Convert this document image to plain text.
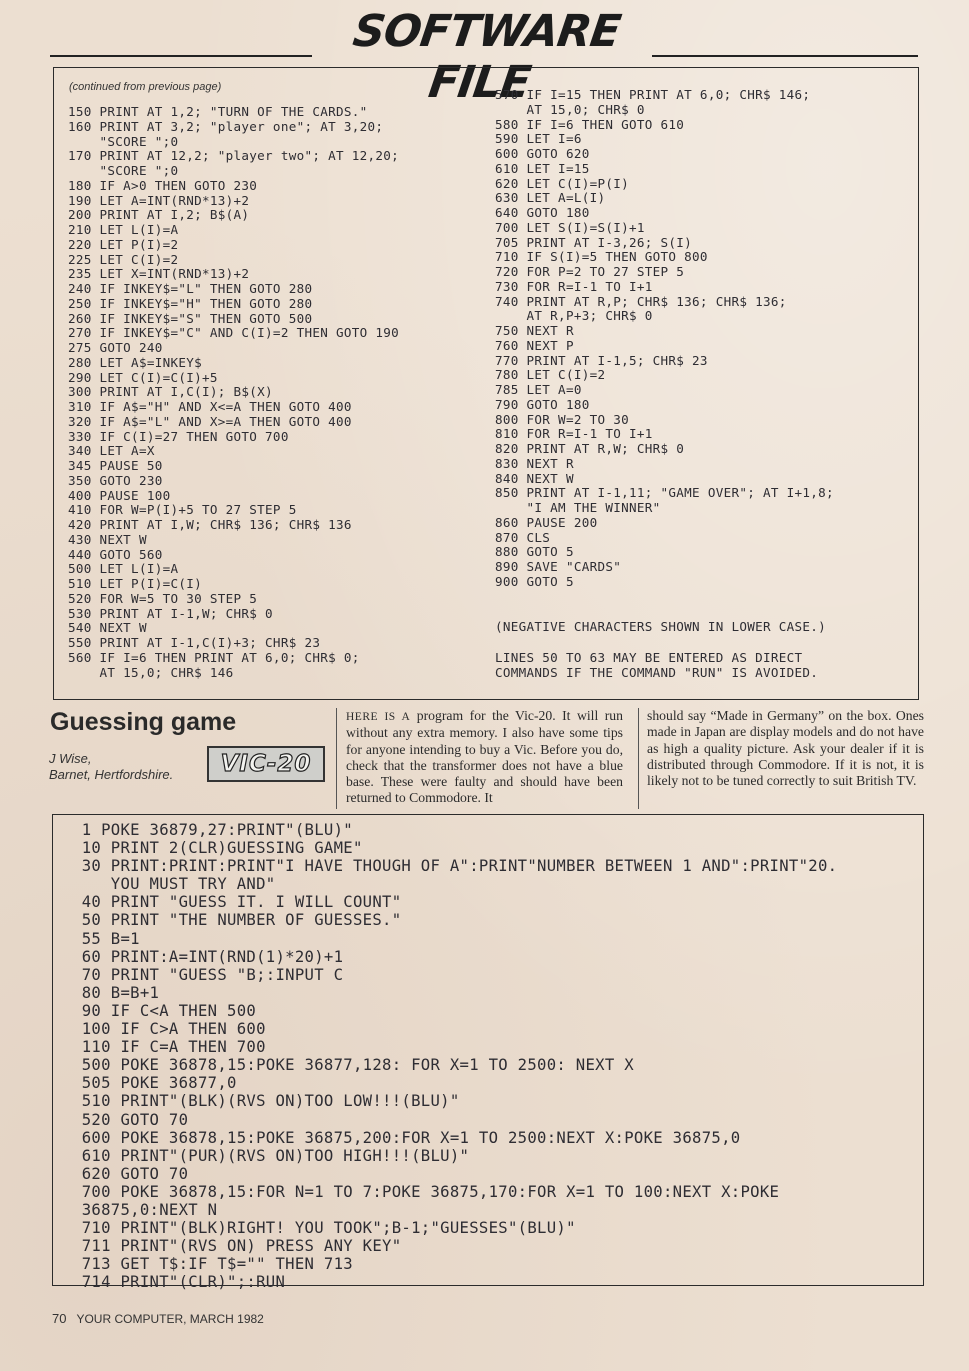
SOFTWARE FILE
(continued from previous page)
150 PRINT AT 1,2; "TURN OF THE CARDS."
160 PRINT AT 3,2; "player one"; AT 3,20;
"SCORE ";0
170 PRINT AT 12,2; "player two"; AT 12,20;
"SCORE ";0
180 IF A>0 THEN GOTO 230
190 LET A=INT(RND*13)+2
200 PRINT AT I,2; B$(A)
210 LET L(I)=A
220 LET P(I)=2
225 LET C(I)=2
235 LET X=INT(RND*13)+2
240 IF INKEY$="L" THEN GOTO 280
250 IF INKEY$="H" THEN GOTO 280
260 IF INKEY$="S" THEN GOTO 500
270 IF INKEY$="C" AND C(I)=2 THEN GOTO 190
275 GOTO 240
280 LET A$=INKEY$
290 LET C(I)=C(I)+5
300 PRINT AT I,C(I); B$(X)
310 IF A$="H" AND X<=A THEN GOTO 400
320 IF A$="L" AND X>=A THEN GOTO 400
330 IF C(I)=27 THEN GOTO 700
340 LET A=X
345 PAUSE 50
350 GOTO 230
400 PAUSE 100
410 FOR W=P(I)+5 TO 27 STEP 5
420 PRINT AT I,W; CHR$ 136; CHR$ 136
430 NEXT W
440 GOTO 560
500 LET L(I)=A
510 LET P(I)=C(I)
520 FOR W=5 TO 30 STEP 5
530 PRINT AT I-1,W; CHR$ 0
540 NEXT W
550 PRINT AT I-1,C(I)+3; CHR$ 23
560 IF I=6 THEN PRINT AT 6,0; CHR$ 0;
AT 15,0; CHR$ 146
570 IF I=15 THEN PRINT AT 6,0; CHR$ 146;
AT 15,0; CHR$ 0
580 IF I=6 THEN GOTO 610
590 LET I=6
600 GOTO 620
610 LET I=15
620 LET C(I)=P(I)
630 LET A=L(I)
640 GOTO 180
700 LET S(I)=S(I)+1
705 PRINT AT I-3,26; S(I)
710 IF S(I)=5 THEN GOTO 800
720 FOR P=2 TO 27 STEP 5
730 FOR R=I-1 TO I+1
740 PRINT AT R,P; CHR$ 136; CHR$ 136;
AT R,P+3; CHR$ 0
750 NEXT R
760 NEXT P
770 PRINT AT I-1,5; CHR$ 23
780 LET C(I)=2
785 LET A=0
790 GOTO 180
800 FOR W=2 TO 30
810 FOR R=I-1 TO I+1
820 PRINT AT R,W; CHR$ 0
830 NEXT R
840 NEXT W
850 PRINT AT I-1,11; "GAME OVER"; AT I+1,8;
"I AM THE WINNER"
860 PAUSE 200
870 CLS
880 GOTO 5
890 SAVE "CARDS"
900 GOTO 5
(NEGATIVE CHARACTERS SHOWN IN LOWER CASE.)
LINES 50 TO 63 MAY BE ENTERED AS DIRECT
COMMANDS IF THE COMMAND "RUN" IS AVOIDED.
Guessing game

J Wise,

Barnet, Hertfordshire. VIC-20

HERE IS A program for the Vic-20. It will run without any extra memory. I also have some tips for anyone intending to buy a Vic. Before you do, check that the transformer does not have a blue base. These were faulty and should have been returned to Commodore. It

should say “Made in Germany” on the box. Ones made in Japan are display models and do not have as high a quality picture. Ask your dealer if it is distributed through Commodore. If it is not, it is likely not to be tuned correctly to suit British TV.

1 POKE 36879,27:PRINT"(BLU)"
10 PRINT 2(CLR)GUESSING GAME"
30 PRINT:PRINT:PRINT"I HAVE THOUGH OF A":PRINT"NUMBER BETWEEN 1 AND":PRINT"20.
YOU MUST TRY AND"
40 PRINT "GUESS IT. I WILL COUNT"
50 PRINT "THE NUMBER OF GUESSES."
55 B=1
60 PRINT:A=INT(RND(1)*20)+1
70 PRINT "GUESS "B;:INPUT C
80 B=B+1
90 IF C<A THEN 500
100 IF C>A THEN 600
110 IF C=A THEN 700
500 POKE 36878,15:POKE 36877,128: FOR X=1 TO 2500: NEXT X
505 POKE 36877,0
510 PRINT"(BLK)(RVS ON)TOO LOW!!!(BLU)"
520 GOTO 70
600 POKE 36878,15:POKE 36875,200:FOR X=1 TO 2500:NEXT X:POKE 36875,0
610 PRINT"(PUR)(RVS ON)TOO HIGH!!!(BLU)"
620 GOTO 70
700 POKE 36878,15:FOR N=1 TO 7:POKE 36875,170:FOR X=1 TO 100:NEXT X:POKE
36875,0:NEXT N
710 PRINT"(BLK)RIGHT! YOU TOOK";B-1;"GUESSES"(BLU)"
711 PRINT"(RVS ON) PRESS ANY KEY"
713 GET T$:IF T$="" THEN 713
714 PRINT"(CLR)";:RUN
70 YOUR COMPUTER, MARCH 1982
